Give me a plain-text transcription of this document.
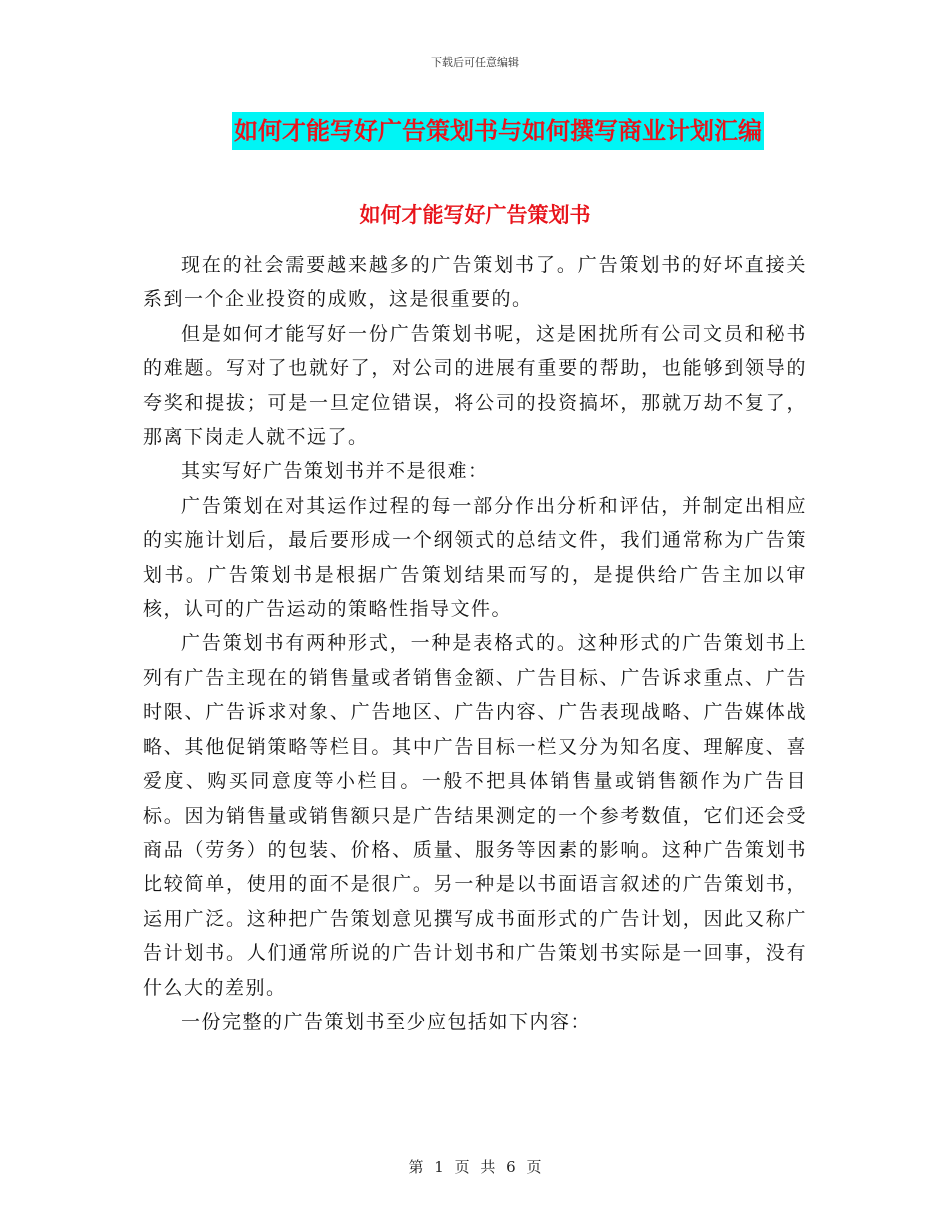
下载后可任意编辑
如何才能写好广告策划书与如何撰写商业计划汇编
如何才能写好广告策划书

现在的社会需要越来越多的广告策划书了。广告策划书的好坏直接关系到一个企业投资的成败，这是很重要的。

但是如何才能写好一份广告策划书呢，这是困扰所有公司文员和秘书的难题。写对了也就好了，对公司的进展有重要的帮助，也能够到领导的夸奖和提拔；可是一旦定位错误，将公司的投资搞坏，那就万劫不复了，那离下岗走人就不远了。

其实写好广告策划书并不是很难：

广告策划在对其运作过程的每一部分作出分析和评估，并制定出相应的实施计划后，最后要形成一个纲领式的总结文件，我们通常称为广告策划书。广告策划书是根据广告策划结果而写的，是提供给广告主加以审核，认可的广告运动的策略性指导文件。

广告策划书有两种形式，一种是表格式的。这种形式的广告策划书上列有广告主现在的销售量或者销售金额、广告目标、广告诉求重点、广告时限、广告诉求对象、广告地区、广告内容、广告表现战略、广告媒体战略、其他促销策略等栏目。其中广告目标一栏又分为知名度、理解度、喜爱度、购买同意度等小栏目。一般不把具体销售量或销售额作为广告目标。因为销售量或销售额只是广告结果测定的一个参考数值，它们还会受商品（劳务）的包装、价格、质量、服务等因素的影响。这种广告策划书比较简单，使用的面不是很广。另一种是以书面语言叙述的广告策划书，运用广泛。这种把广告策划意见撰写成书面形式的广告计划，因此又称广告计划书。人们通常所说的广告计划书和广告策划书实际是一回事，没有什么大的差别。

一份完整的广告策划书至少应包括如下内容：

第 1 页 共 6 页
